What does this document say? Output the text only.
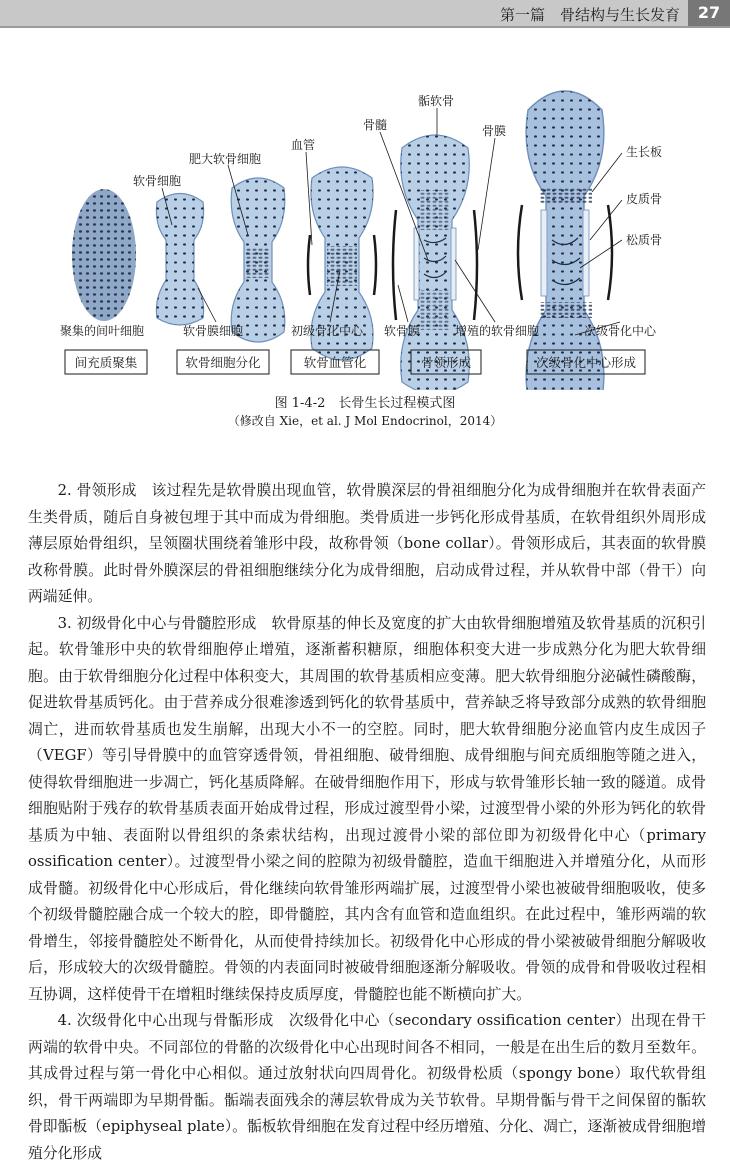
第一篇　骨结构与生长发育	27
软骨细胞
肥大软骨细胞
血管
骨髓
骺软骨
骨膜
生长板
皮质骨
松质骨
聚集的间叶细胞	软骨膜细胞	初级骨化中心 软骨膜	增殖的软骨细胞	次级骨化中心
间充质聚集	软骨细胞分化	软骨血管化	骨领形成	次级骨化中心形成
图 1-4-2　长骨生长过程模式图
（修改自 Xie，et al. J Mol Endocrinol，2014）

2. 骨领形成　该过程先是软骨膜出现血管，软骨膜深层的骨祖细胞分化为成骨细胞并在软骨表面产生类骨质，随后自身被包埋于其中而成为骨细胞。类骨质进一步钙化形成骨基质，在软骨组织外周形成薄层原始骨组织，呈领圈状围绕着雏形中段，故称骨领（bone collar）。骨领形成后，其表面的软骨膜改称骨膜。此时骨外膜深层的骨祖细胞继续分化为成骨细胞，启动成骨过程，并从软骨中部（骨干）向两端延伸。

3. 初级骨化中心与骨髓腔形成　软骨原基的伸长及宽度的扩大由软骨细胞增殖及软骨基质的沉积引起。软骨雏形中央的软骨细胞停止增殖，逐渐蓄积糖原，细胞体积变大进一步成熟分化为肥大软骨细胞。由于软骨细胞分化过程中体积变大，其周围的软骨基质相应变薄。肥大软骨细胞分泌碱性磷酸酶，促进软骨基质钙化。由于营养成分很难渗透到钙化的软骨基质中，营养缺乏将导致部分成熟的软骨细胞凋亡，进而软骨基质也发生崩解，出现大小不一的空腔。同时，肥大软骨细胞分泌血管内皮生成因子（VEGF）等引导骨膜中的血管穿透骨领，骨祖细胞、破骨细胞、成骨细胞与间充质细胞等随之进入，使得软骨细胞进一步凋亡，钙化基质降解。在破骨细胞作用下，形成与软骨雏形长轴一致的隧道。成骨细胞贴附于残存的软骨基质表面开始成骨过程，形成过渡型骨小梁，过渡型骨小梁的外形为钙化的软骨基质为中轴、表面附以骨组织的条索状结构，出现过渡骨小梁的部位即为初级骨化中心（primary ossification center）。过渡型骨小梁之间的腔隙为初级骨髓腔，造血干细胞进入并增殖分化，从而形成骨髓。初级骨化中心形成后，骨化继续向软骨雏形两端扩展，过渡型骨小梁也被破骨细胞吸收，使多个初级骨髓腔融合成一个较大的腔，即骨髓腔，其内含有血管和造血组织。在此过程中，雏形两端的软骨增生，邻接骨髓腔处不断骨化，从而使骨持续加长。初级骨化中心形成的骨小梁被破骨细胞分解吸收后，形成较大的次级骨髓腔。骨领的内表面同时被破骨细胞逐渐分解吸收。骨领的成骨和骨吸收过程相互协调，这样使骨干在增粗时继续保持皮质厚度，骨髓腔也能不断横向扩大。

4. 次级骨化中心出现与骨骺形成　次级骨化中心（secondary ossification center）出现在骨干两端的软骨中央。不同部位的骨骼的次级骨化中心出现时间各不相同，一般是在出生后的数月至数年。其成骨过程与第一骨化中心相似。通过放射状向四周骨化。初级骨松质（spongy bone）取代软骨组织，骨干两端即为早期骨骺。骺端表面残余的薄层软骨成为关节软骨。早期骨骺与骨干之间保留的骺软骨即骺板（epiphyseal plate）。骺板软骨细胞在发育过程中经历增殖、分化、凋亡，逐渐被成骨细胞增殖分化形成
